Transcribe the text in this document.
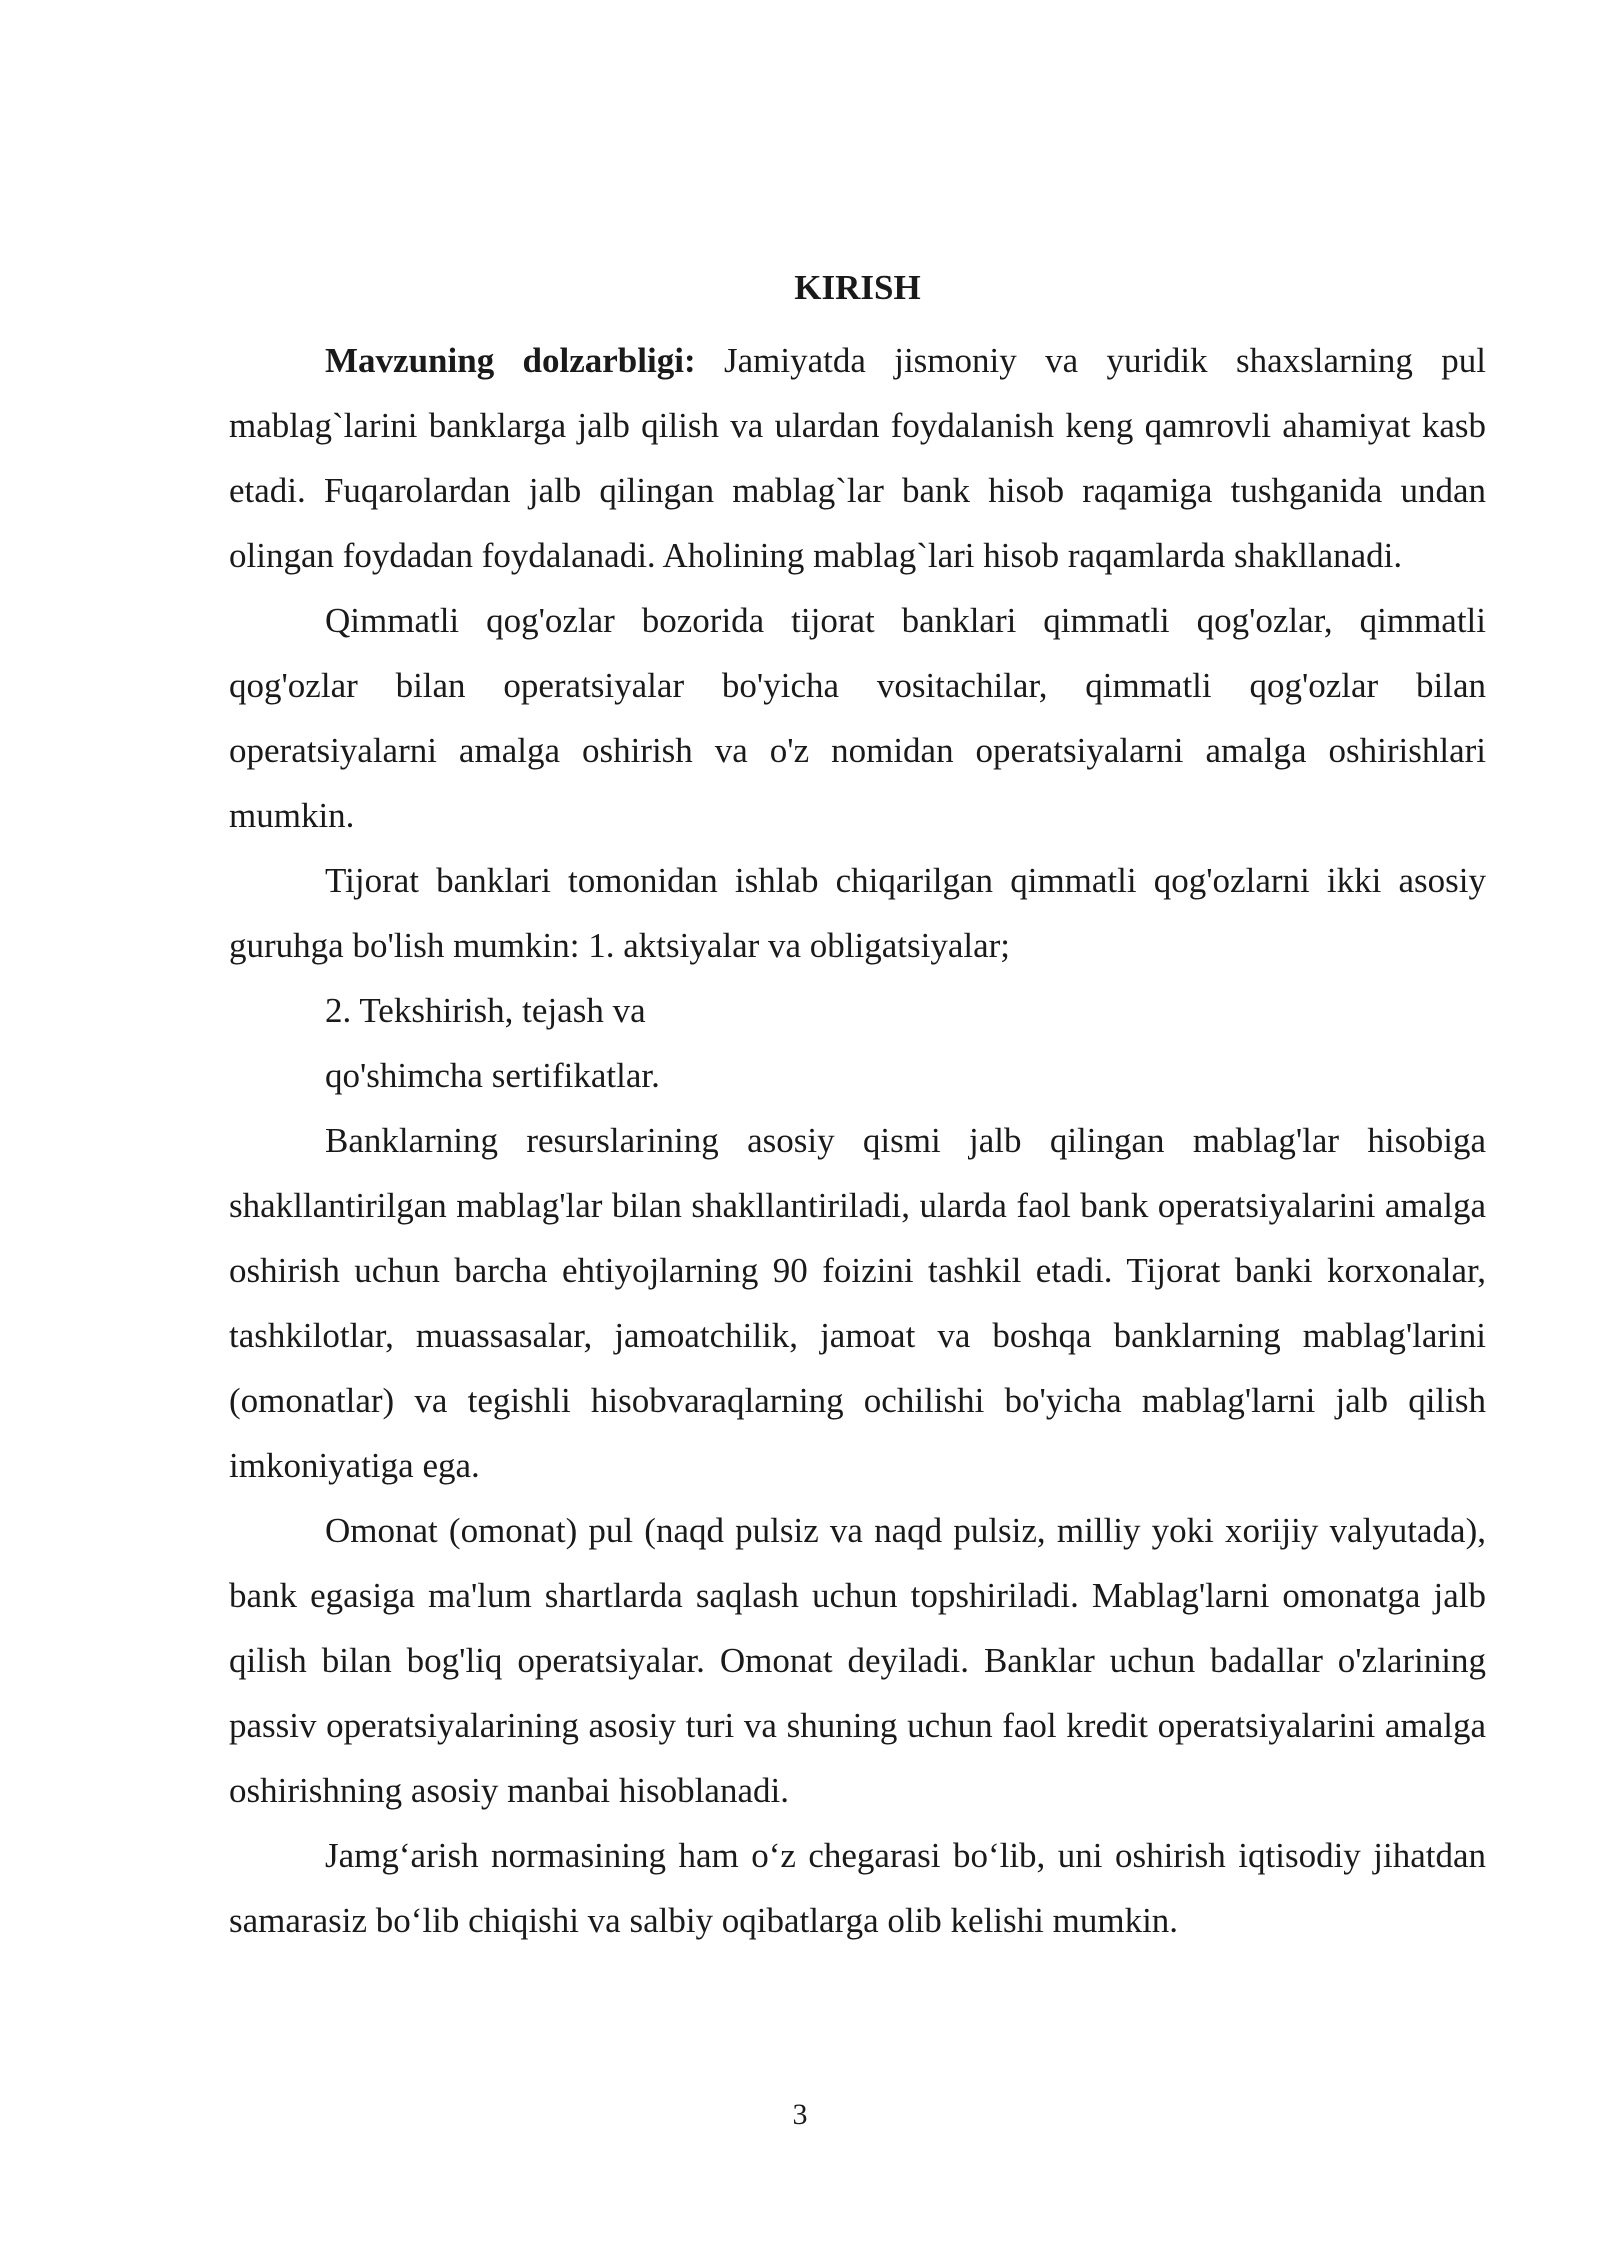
KIRISH

Mavzuning dolzarbligi: Jamiyatda jismoniy va yuridik shaxslarning pul mablag`larini banklarga jalb qilish va ulardan foydalanish keng qamrovli ahamiyat kasb etadi. Fuqarolardan jalb qilingan mablag`lar bank hisob raqamiga tushganida undan olingan foydadan foydalanadi. Aholining mablag`lari hisob raqamlarda shakllanadi.

Qimmatli qog'ozlar bozorida tijorat banklari qimmatli qog'ozlar, qimmatli qog'ozlar bilan operatsiyalar bo'yicha vositachilar, qimmatli qog'ozlar bilan operatsiyalarni amalga oshirish va o'z nomidan operatsiyalarni amalga oshirishlari mumkin.

Tijorat banklari tomonidan ishlab chiqarilgan qimmatli qog'ozlarni ikki asosiy guruhga bo'lish mumkin: 1. aktsiyalar va obligatsiyalar;

2. Tekshirish, tejash va

qo'shimcha sertifikatlar.

Banklarning resurslarining asosiy qismi jalb qilingan mablag'lar hisobiga shakllantirilgan mablag'lar bilan shakllantiriladi, ularda faol bank operatsiyalarini amalga oshirish uchun barcha ehtiyojlarning 90 foizini tashkil etadi. Tijorat banki korxonalar, tashkilotlar, muassasalar, jamoatchilik, jamoat va boshqa banklarning mablag'larini (omonatlar) va tegishli hisobvaraqlarning ochilishi bo'yicha mablag'larni jalb qilish imkoniyatiga ega.

Omonat (omonat) pul (naqd pulsiz va naqd pulsiz, milliy yoki xorijiy valyutada), bank egasiga ma'lum shartlarda saqlash uchun topshiriladi. Mablag'larni omonatga jalb qilish bilan bog'liq operatsiyalar. Omonat deyiladi. Banklar uchun badallar o'zlarining passiv operatsiyalarining asosiy turi va shuning uchun faol kredit operatsiyalarini amalga oshirishning asosiy manbai hisoblanadi.

Jamg‘arish normasining ham o‘z chegarasi bo‘lib, uni oshirish iqtisodiy jihatdan samarasiz bo‘lib chiqishi va salbiy oqibatlarga olib kelishi mumkin.

3
